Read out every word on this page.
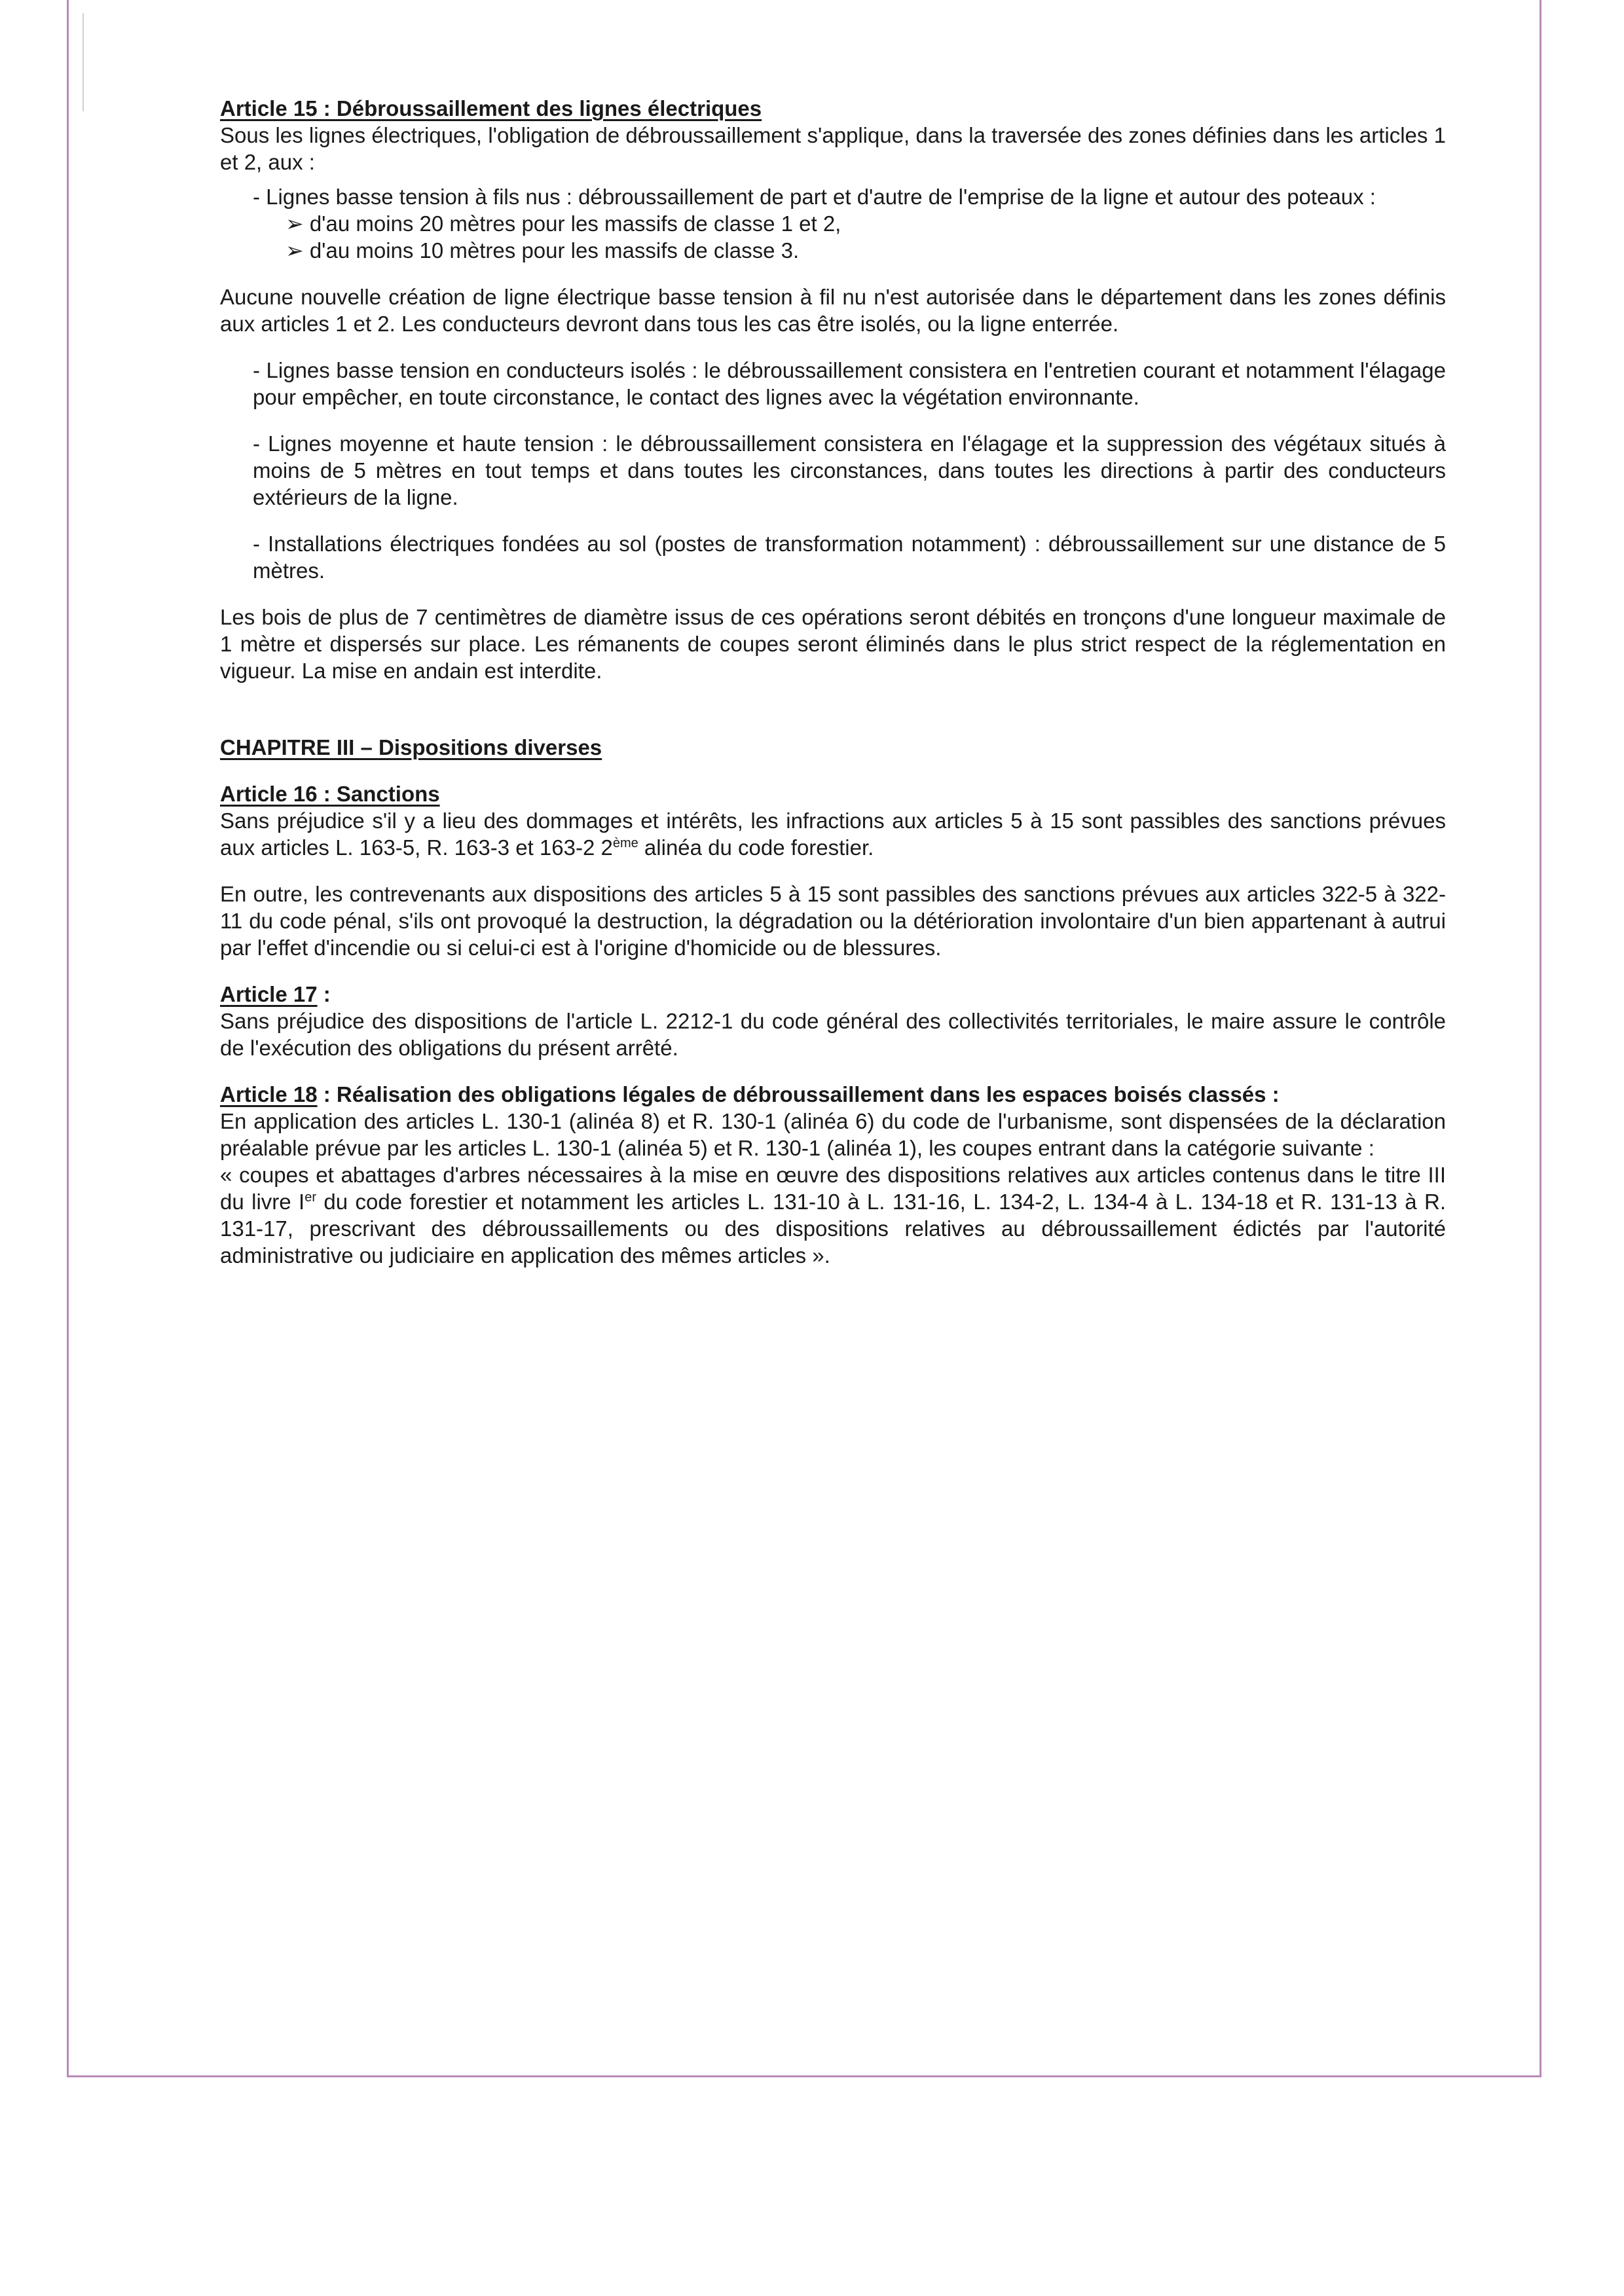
Article 15 : Débroussaillement des lignes électriques

Sous les lignes électriques, l'obligation de débroussaillement s'applique, dans la traversée des zones définies dans les articles 1 et 2, aux :

- Lignes basse tension à fils nus : débroussaillement de part et d'autre de l'emprise de la ligne et autour des poteaux :

➢ d'au moins 20 mètres pour les massifs de classe 1 et 2,

➢ d'au moins 10 mètres pour les massifs de classe 3.

Aucune nouvelle création de ligne électrique basse tension à fil nu n'est autorisée dans le département dans les zones définis aux articles 1 et 2. Les conducteurs devront dans tous les cas être isolés, ou la ligne enterrée.

- Lignes basse tension en conducteurs isolés : le débroussaillement consistera en l'entretien courant et notamment l'élagage pour empêcher, en toute circonstance, le contact des lignes avec la végétation environnante.

- Lignes moyenne et haute tension : le débroussaillement consistera en l'élagage et la suppression des végétaux situés à moins de 5 mètres en tout temps et dans toutes les circonstances, dans toutes les directions à partir des conducteurs extérieurs de la ligne.

- Installations électriques fondées au sol (postes de transformation notamment) : débroussaillement sur une distance de 5 mètres.

Les bois de plus de 7 centimètres de diamètre issus de ces opérations seront débités en tronçons d'une longueur maximale de 1 mètre et dispersés sur place. Les rémanents de coupes seront éliminés dans le plus strict respect de la réglementation en vigueur. La mise en andain est interdite.

CHAPITRE III – Dispositions diverses
Article 16 : Sanctions

Sans préjudice s'il y a lieu des dommages et intérêts, les infractions aux articles 5 à 15 sont passibles des sanctions prévues aux articles L. 163-5, R. 163-3 et 163-2 2ème alinéa du code forestier.

En outre, les contrevenants aux dispositions des articles 5 à 15 sont passibles des sanctions prévues aux articles 322-5 à 322-11 du code pénal, s'ils ont provoqué la destruction, la dégradation ou la détérioration involontaire d'un bien appartenant à autrui par l'effet d'incendie ou si celui-ci est à l'origine d'homicide ou de blessures.

Article 17 :

Sans préjudice des dispositions de l'article L. 2212-1 du code général des collectivités territoriales, le maire assure le contrôle de l'exécution des obligations du présent arrêté.

Article 18 : Réalisation des obligations légales de débroussaillement dans les espaces boisés classés :

En application des articles L. 130-1 (alinéa 8) et R. 130-1 (alinéa 6) du code de l'urbanisme, sont dispensées de la déclaration préalable prévue par les articles L. 130-1 (alinéa 5) et R. 130-1 (alinéa 1), les coupes entrant dans la catégorie suivante :

« coupes et abattages d'arbres nécessaires à la mise en œuvre des dispositions relatives aux articles contenus dans le titre III du livre Ier du code forestier et notamment les articles L. 131-10 à L. 131-16, L. 134-2, L. 134-4 à L. 134-18 et R. 131-13 à R. 131-17, prescrivant des débroussaillements ou des dispositions relatives au débroussaillement édictés par l'autorité administrative ou judiciaire en application des mêmes articles ».
